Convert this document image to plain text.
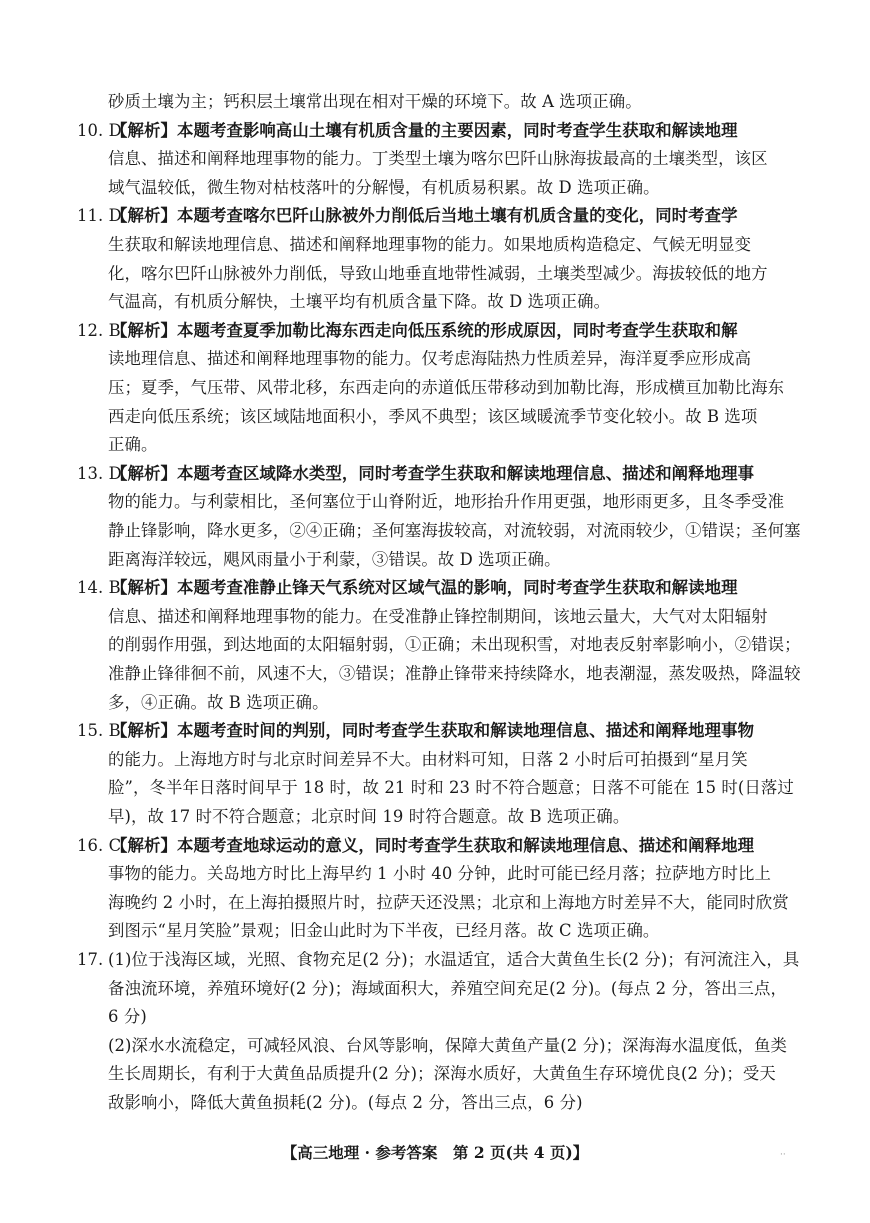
砂质土壤为主；钙积层土壤常出现在相对干燥的环境下。故 A 选项正确。
10. D
【解析】本题考查影响高山土壤有机质含量的主要因素，同时考查学生获取和解读地理
信息、描述和阐释地理事物的能力。丁类型土壤为喀尔巴阡山脉海拔最高的土壤类型，该区
域气温较低，微生物对枯枝落叶的分解慢，有机质易积累。故 D 选项正确。
11. D
【解析】本题考查喀尔巴阡山脉被外力削低后当地土壤有机质含量的变化，同时考查学
生获取和解读地理信息、描述和阐释地理事物的能力。如果地质构造稳定、气候无明显变
化，喀尔巴阡山脉被外力削低，导致山地垂直地带性减弱，土壤类型减少。海拔较低的地方
气温高，有机质分解快，土壤平均有机质含量下降。故 D 选项正确。
12. B
【解析】本题考查夏季加勒比海东西走向低压系统的形成原因，同时考查学生获取和解
读地理信息、描述和阐释地理事物的能力。仅考虑海陆热力性质差异，海洋夏季应形成高
压；夏季，气压带、风带北移，东西走向的赤道低压带移动到加勒比海，形成横亘加勒比海东
西走向低压系统；该区域陆地面积小，季风不典型；该区域暖流季节变化较小。故 B 选项
正确。
13. D
【解析】本题考查区域降水类型，同时考查学生获取和解读地理信息、描述和阐释地理事
物的能力。与利蒙相比，圣何塞位于山脊附近，地形抬升作用更强，地形雨更多，且冬季受准
静止锋影响，降水更多，②④正确；圣何塞海拔较高，对流较弱，对流雨较少，①错误；圣何塞
距离海洋较远，飓风雨量小于利蒙，③错误。故 D 选项正确。
14. B
【解析】本题考查准静止锋天气系统对区域气温的影响，同时考查学生获取和解读地理
信息、描述和阐释地理事物的能力。在受准静止锋控制期间，该地云量大，大气对太阳辐射
的削弱作用强，到达地面的太阳辐射弱，①正确；未出现积雪，对地表反射率影响小，②错误；
准静止锋徘徊不前，风速不大，③错误；准静止锋带来持续降水，地表潮湿，蒸发吸热，降温较
多，④正确。故 B 选项正确。
15. B
【解析】本题考查时间的判别，同时考查学生获取和解读地理信息、描述和阐释地理事物
的能力。上海地方时与北京时间差异不大。由材料可知，日落 2 小时后可拍摄到“星月笑
脸”，冬半年日落时间早于 18 时，故 21 时和 23 时不符合题意；日落不可能在 15 时(日落过
早)，故 17 时不符合题意；北京时间 19 时符合题意。故 B 选项正确。
16. C
【解析】本题考查地球运动的意义，同时考查学生获取和解读地理信息、描述和阐释地理
事物的能力。关岛地方时比上海早约 1 小时 40 分钟，此时可能已经月落；拉萨地方时比上
海晚约 2 小时，在上海拍摄照片时，拉萨天还没黑；北京和上海地方时差异不大，能同时欣赏
到图示“星月笑脸”景观；旧金山此时为下半夜，已经月落。故 C 选项正确。
17. (1)位于浅海区域，光照、食物充足(2 分)；水温适宜，适合大黄鱼生长(2 分)；有河流注入，具
备浊流环境，养殖环境好(2 分)；海域面积大，养殖空间充足(2 分)。(每点 2 分，答出三点，
6 分)
(2)深水水流稳定，可减轻风浪、台风等影响，保障大黄鱼产量(2 分)；深海海水温度低，鱼类
生长周期长，有利于大黄鱼品质提升(2 分)；深海水质好，大黄鱼生存环境优良(2 分)；受天
敌影响小，降低大黄鱼损耗(2 分)。(每点 2 分，答出三点，6 分)
【高三地理 · 参考答案　第 2 页(共 4 页)】	··
